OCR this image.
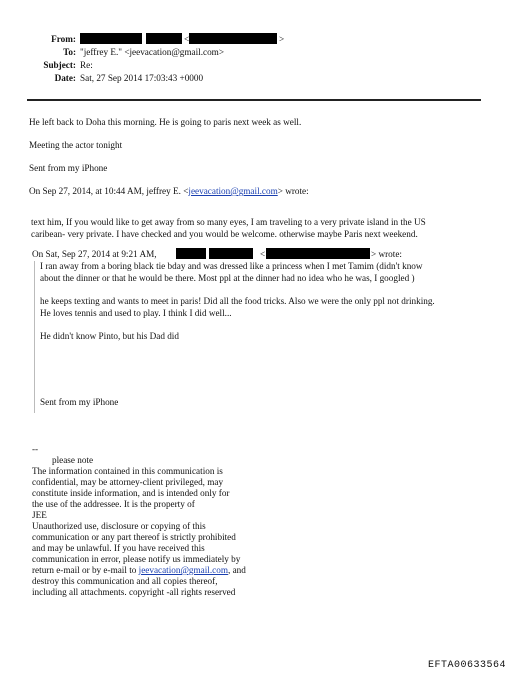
From:	<	>
To: "jeffrey E." <jeevacation@gmail.com>
Subject: Re:
Date: Sat, 27 Sep 2014 17:03:43 +0000
He left back to Doha this morning. He is going to paris next week as well.
Meeting the actor tonight
Sent from my iPhone
On Sep 27, 2014, at 10:44 AM, jeffrey E. <jeevacation@gmail.com> wrote:
text him, If you would like to get away from so many eyes, I am traveling to a very private island in the US
caribean- very private. I have checked and you would be welcome. otherwise maybe Paris next weekend.
On Sat, Sep 27, 2014 at 9:21 AM,	<	> wrote:
I ran away from a boring black tie bday and was dressed like a princess when I met Tamim (didn't know
about the dinner or that he would be there. Most ppl at the dinner had no idea who he was, I googled )
he keeps texting and wants to meet in paris! Did all the food tricks. Also we were the only ppl not drinking.
He loves tennis and used to play. I think I did well...
He didn't know Pinto, but his Dad did
Sent from my iPhone
--
please note
The information contained in this communication is
confidential, may be attorney-client privileged, may
constitute inside information, and is intended only for
the use of the addressee. It is the property of
JEE
Unauthorized use, disclosure or copying of this
communication or any part thereof is strictly prohibited
and may be unlawful. If you have received this
communication in error, please notify us immediately by
return e-mail or by e-mail to jeevacation@gmail.com, and
destroy this communication and all copies thereof,
including all attachments. copyright -all rights reserved
EFTA00633564
